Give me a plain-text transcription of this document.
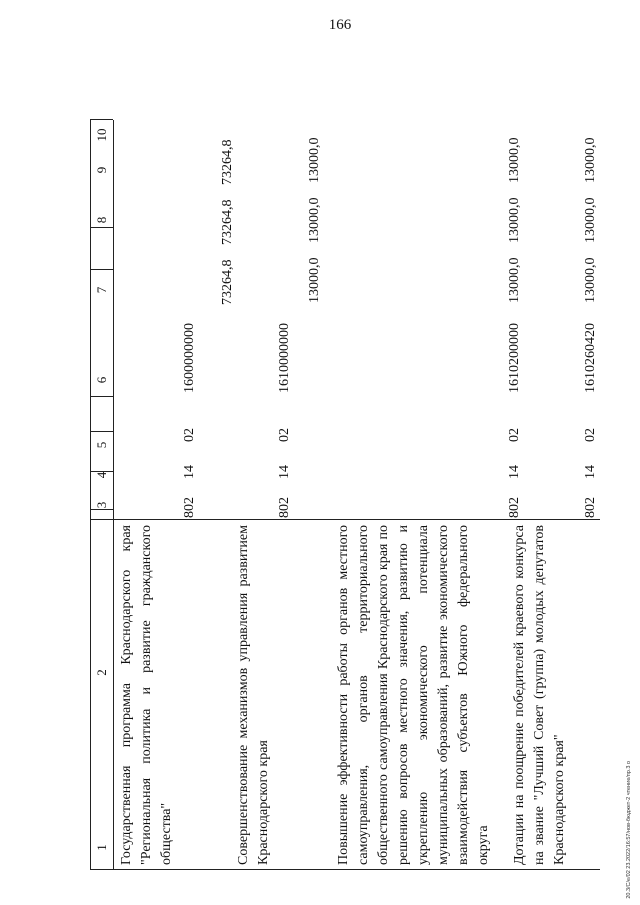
166
1
2
3
4
5
6
7
8
9
10
Государственная программа Краснодарского края "Региональная политика и развитие гражданского общества"
802
14
02
1600000000
73264,8
73264,8
73264,8
Совершенствование механизмов управления развитием Краснодарского края
802
14
02
1610000000
13000,0
13000,0
13000,0
Повышение эффективности работы органов местного самоуправления, органов территориального общественного самоуправления Краснодарского края по решению вопросов местного значения, развитию и укреплению экономического потенциала муниципальных образований, развитие экономического взаимодействия субъектов Южного федерального округа
802
14
02
1610200000
13000,0
13000,0
13000,0
Дотации на поощрение победителей краевого конкурса на звание "Лучший Совет (группа) молодых депутатов Краснодарского края"
802
14
02
1610260420
13000,0
13000,0
13000,0
20.3/С/е/02 23.2022/16:57/нов-бюджет-2 чтение/пр.3 о
